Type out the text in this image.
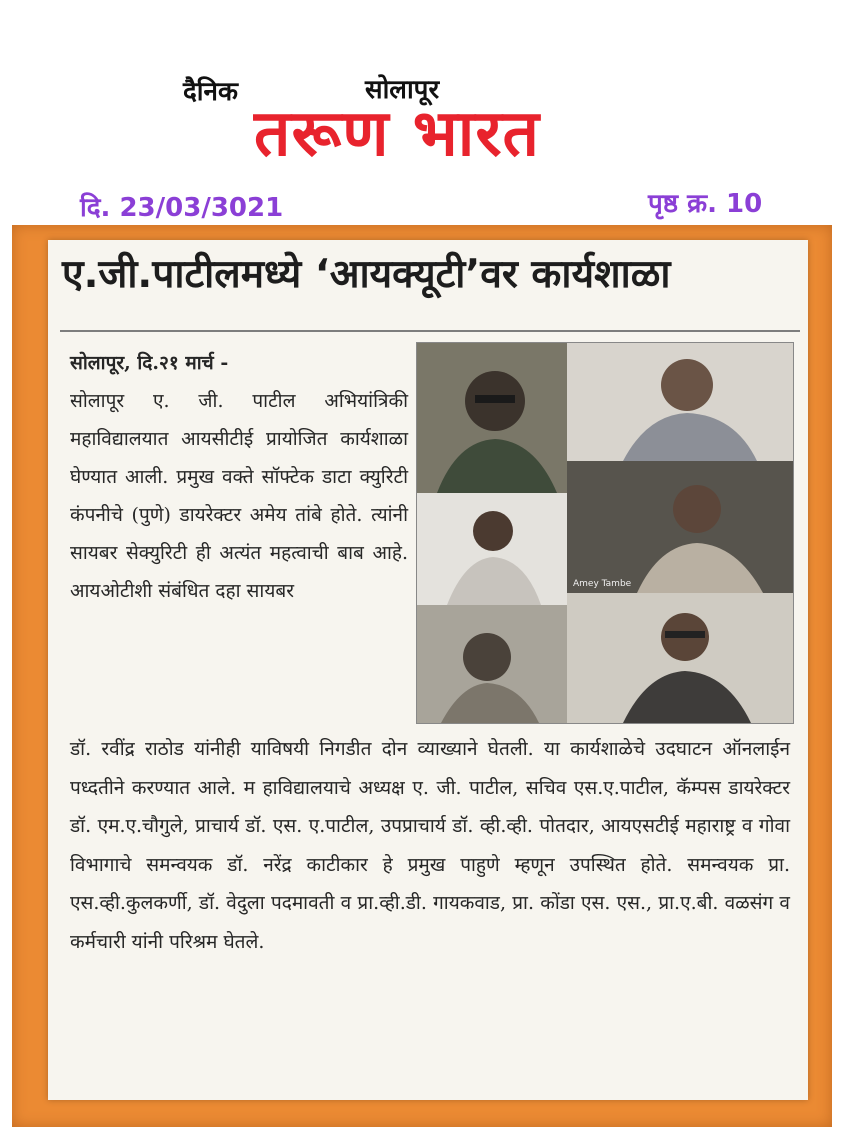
दैनिक	सोलापूर
तरूण भारत
दि. 23/03/3021	पृष्ठ क्र. 10
ए.जी.पाटीलमध्ये ‘आयक्यूटी’वर कार्यशाळा
सोलापूर, दि.२१ मार्च -
सोलापूर ए. जी. पाटील अभियांत्रिकी महाविद्यालयात आयसीटीई प्रायोजित कार्यशाळा घेण्यात आली. प्रमुख वक्ते सॉफ्टेक डाटा क्युरिटी कंपनीचे (पुणे) डायरेक्टर अमेय तांबे होते. त्यांनी सायबर सेक्युरिटी ही अत्यंत महत्वाची बाब आहे. आयओटीशी संबंधित दहा सायबर
डॉ. रवींद्र राठोड यांनीही याविषयी निगडीत दोन व्याख्याने घेतली. या कार्यशाळेचे उदघाटन ऑनलाईन पध्दतीने करण्यात आले. म हाविद्यालयाचे अध्यक्ष ए. जी. पाटील, सचिव एस.ए.पाटील, कॅम्पस डायरेक्टर डॉ. एम.ए.चौगुले, प्राचार्य डॉ. एस. ए.पाटील, उपप्राचार्य डॉ. व्ही.व्ही. पोतदार, आयएसटीई महाराष्ट्र व गोवा विभागाचे समन्वयक डॉ. नरेंद्र काटीकार हे प्रमुख पाहुणे म्हणून उपस्थित होते. समन्वयक प्रा. एस.व्ही.कुलकर्णी, डॉ. वेदुला पदमावती व प्रा.व्ही.डी. गायकवाड, प्रा. कोंडा एस. एस., प्रा.ए.बी. वळसंग व कर्मचारी यांनी परिश्रम घेतले.
Amey Tambe
